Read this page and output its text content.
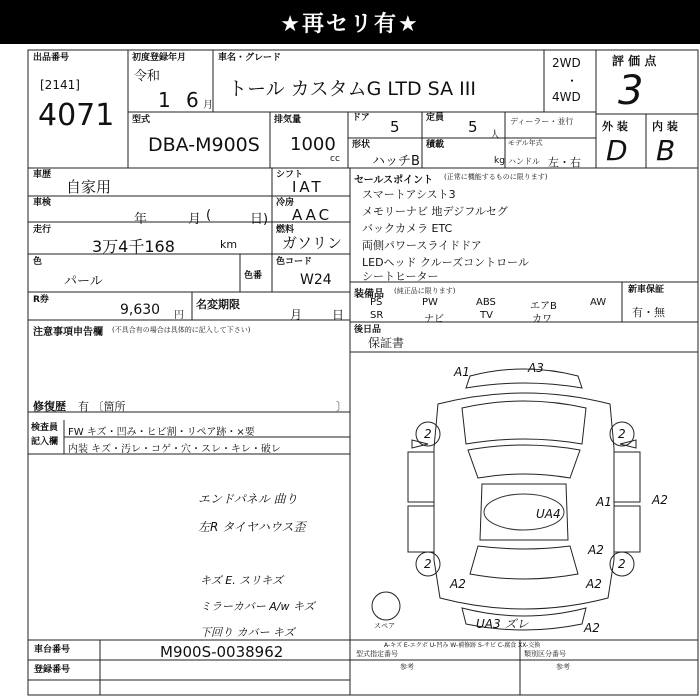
★再セリ有★
出品番号
[2141]
4071
初度登録年月
令和
1 6 月
車名・グレード
トール カスタムG LTD SA III
2WD
・
4WD
評 価 点
3
外 装 内 装
D B
型式
DBA-M900S
排気量
1000
cc
ドア 5	定員 5 人
ディーラー・並行
形状
ハッチB
積載
kg
モデル年式
ハンドル 左・右
車歴
自家用
シフト
IAT
車検
年	月 (	日)
冷房
AAC
走行
3万4千168	km
燃料
ガソリン
色
パール	色番
色コード
W24
R券
9,630 円
名変期限
月 日
注意事項申告欄 (不具合有の場合は具体的に記入して下さい)
修復歴 有 〔箇所	〕
検査員
記入欄
FW キズ・凹み・ヒビ割・リペア跡・×要
内装 キズ・汚レ・コゲ・穴・スレ・キレ・破レ
エンドパネル 曲り
左R タイヤハウス歪
キズ E. スリキズ
ミラーカバー A/w キズ
下回り カバー キズ
セールスポイント (正常に機能するものに限ります)
スマートアシスト3
メモリーナビ 地デジフルセグ
バックカメラ ETC
両側パワースライドドア
LEDヘッド クルーズコントロール
シートヒーター
装備品 (純正品に限ります)
PS	PW	ABS	エアB	AW
SR	ナビ	TV	カワ
新車保証
有・無
後日品
保証書
A1	A3
2	2
2	2
A1	A2
UA4
A2
A2
A2
UA3 ズレ
A2
スペア
A-キズ E-エクボ U-凹み W-補修跡 S-サビ C-腐食 XX-交換
車台番号	M900S-0038962
登録番号
型式指定番号
参考
類別区分番号
参考
